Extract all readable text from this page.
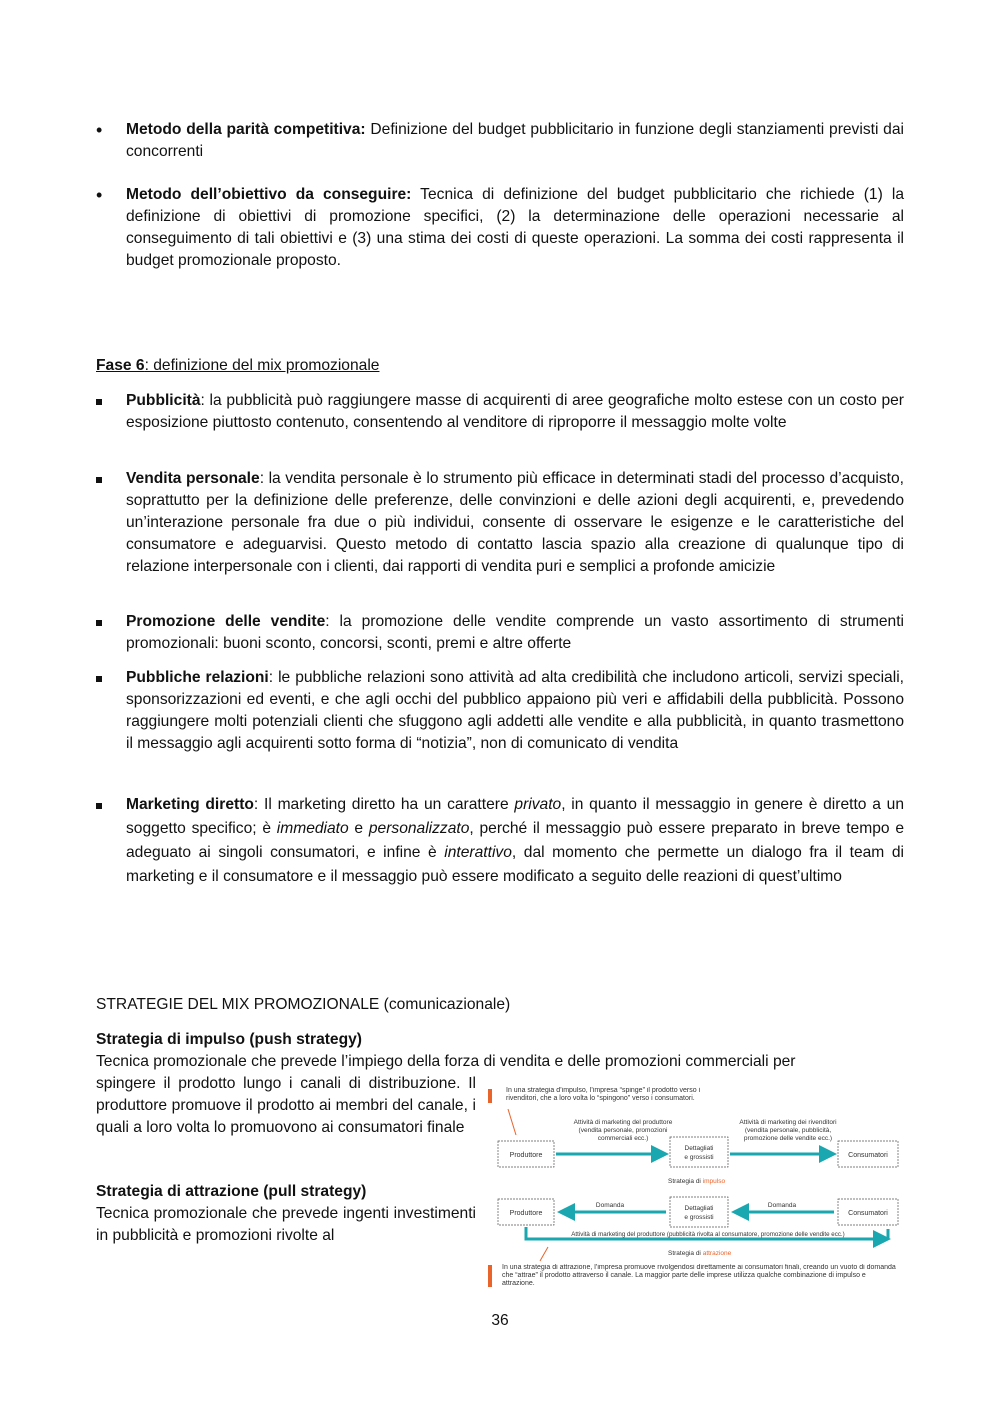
•	Metodo della parità competitiva: Definizione del budget pubblicitario in funzione degli stanziamenti previsti dai concorrenti
•	Metodo dell’obiettivo da conseguire: Tecnica di definizione del budget pubblicitario che richiede (1) la definizione di obiettivi di promozione specifici, (2) la determinazione delle operazioni necessarie al conseguimento di tali obiettivi e (3) una stima dei costi di queste operazioni. La somma dei costi rappresenta il budget promozionale proposto.
Fase 6: definizione del mix promozionale
Pubblicità: la pubblicità può raggiungere masse di acquirenti di aree geografiche molto estese con un costo per esposizione piuttosto contenuto, consentendo al venditore di riproporre il messaggio molte volte
Vendita personale: la vendita personale è lo strumento più efficace in determinati stadi del processo d’acquisto, soprattutto per la definizione delle preferenze, delle convinzioni e delle azioni degli acquirenti, e, prevedendo un’interazione personale fra due o più individui, consente di osservare le esigenze e le caratteristiche del consumatore e adeguarvisi. Questo metodo di contatto lascia spazio alla creazione di qualunque tipo di relazione interpersonale con i clienti, dai rapporti di vendita puri e semplici a profonde amicizie
Promozione delle vendite: la promozione delle vendite comprende un vasto assortimento di strumenti promozionali: buoni sconto, concorsi, sconti, premi e altre offerte
Pubbliche relazioni: le pubbliche relazioni sono attività ad alta credibilità che includono articoli, servizi speciali, sponsorizzazioni ed eventi, e che agli occhi del pubblico appaiono più veri e affidabili della pubblicità. Possono raggiungere molti potenziali clienti che sfuggono agli addetti alle vendite e alla pubblicità, in quanto trasmettono il messaggio agli acquirenti sotto forma di “notizia”, non di comunicato di vendita
Marketing diretto: Il marketing diretto ha un carattere privato, in quanto il messaggio in genere è diretto a un soggetto specifico; è immediato e personalizzato, perché il messaggio può essere preparato in breve tempo e adeguato ai singoli consumatori, e infine è interattivo, dal momento che permette un dialogo fra il team di marketing e il consumatore e il messaggio può essere modificato a seguito delle reazioni di quest’ultimo
STRATEGIE DEL MIX PROMOZIONALE (comunicazionale)
Strategia di impulso (push strategy)
Tecnica promozionale che prevede l’impiego della forza di vendita e delle promozioni commerciali per
spingere il prodotto lungo i canali di distribuzione. Il produttore promuove il prodotto ai membri del canale, i quali a loro volta lo promuovono ai consumatori finale
Strategia di attrazione (pull strategy)
Tecnica promozionale che prevede ingenti investimenti in pubblicità e promozioni rivolte al
In una strategia d’impulso, l’impresa “spinge” il prodotto verso i rivenditori, che a loro volta lo “spingono” verso i consumatori.
Attività di marketing del produttore
(vendita personale, promozioni
commerciali ecc.)
Attività di marketing dei rivenditori
(vendita personale, pubblicità,
promozione delle vendite ecc.)
Produttore
Dettagliati
e grossisti	Consumatori
Strategia di impulso
Produttore
Dettagliati
e grossisti
Consumatori
Domanda	Domanda
Attività di marketing del produttore (pubblicità rivolta al consumatore, promozione delle vendite ecc.)
Strategia di attrazione
In una strategia di attrazione, l’impresa promuove rivolgendosi direttamente ai consumatori finali, creando un vuoto di domanda che “attrae” il prodotto attraverso il canale. La maggior parte delle imprese utilizza qualche combinazione di impulso e attrazione.
36
